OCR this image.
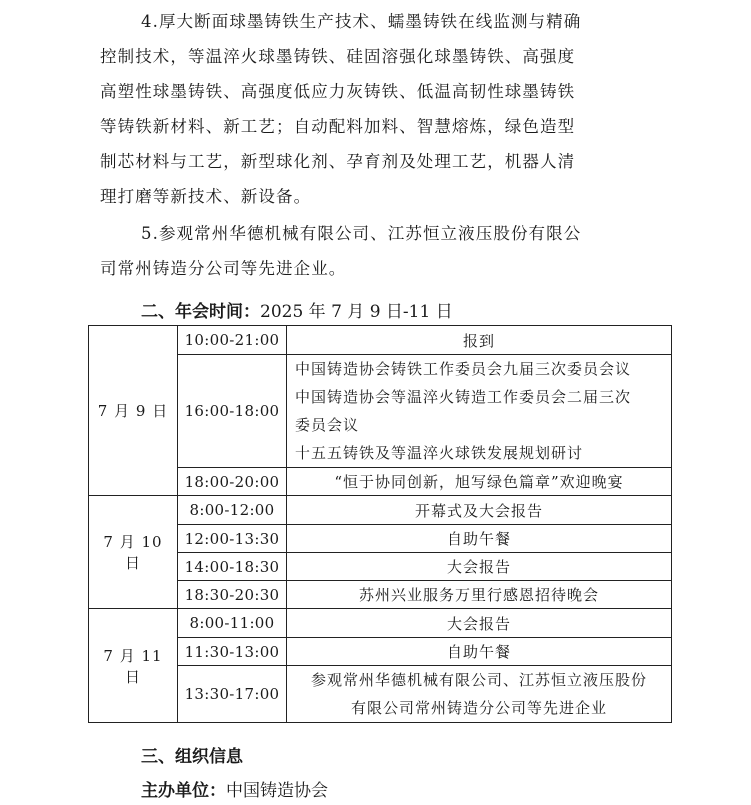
4.厚大断面球墨铸铁生产技术、蠕墨铸铁在线监测与精确
控制技术，等温淬火球墨铸铁、硅固溶强化球墨铸铁、高强度
高塑性球墨铸铁、高强度低应力灰铸铁、低温高韧性球墨铸铁
等铸铁新材料、新工艺；自动配料加料、智慧熔炼，绿色造型
制芯材料与工艺，新型球化剂、孕育剂及处理工艺，机器人清
理打磨等新技术、新设备。
5.参观常州华德机械有限公司、江苏恒立液压股份有限公
司常州铸造分公司等先进企业。
二、年会时间：2025 年 7 月 9 日-11 日
7 月 9 日	10:00-21:00	报到
	16:00-18:00	中国铸造协会铸铁工作委员会九届三次委员会议
中国铸造协会等温淬火铸造工作委员会二届三次
委员会议
十五五铸铁及等温淬火球铁发展规划研讨

	18:00-20:00	“恒于协同创新，旭写绿色篇章”欢迎晚宴
7 月 10 日	8:00-12:00	开幕式及大会报告
	12:00-13:30	自助午餐
	14:00-18:30	大会报告
	18:30-20:30	苏州兴业服务万里行感恩招待晚会
7 月 11 日	8:00-11:00	大会报告
	11:30-13:00	自助午餐
	13:30-17:00	参观常州华德机械有限公司、江苏恒立液压股份
有限公司常州铸造分公司等先进企业
三、组织信息
主办单位：中国铸造协会
